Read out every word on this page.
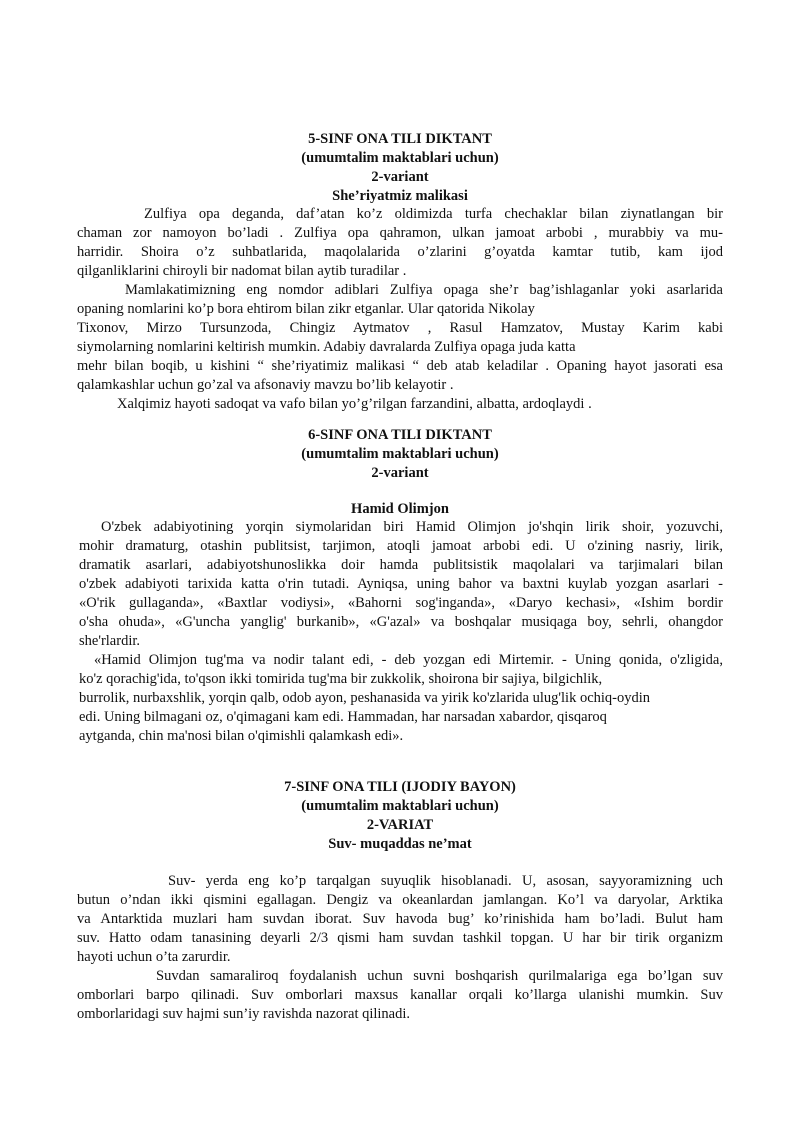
5-SINF ONA TILI DIKTANT
(umumtalim maktablari uchun)
2-variant
She’riyatmiz malikasi
Zulfiya opa deganda, daf’atan ko’z oldimizda turfa chechaklar bilan ziynatlangan bir
chaman zor namoyon bo’ladi . Zulfiya opa qahramon, ulkan jamoat arbobi , murabbiy va mu-
harridir. Shoira o’z suhbatlarida, maqolalarida o’zlarini g’oyatda kamtar tutib, kam ijod
qilganliklarini chiroyli bir nadomat bilan aytib turadilar .
Mamlakatimizning eng nomdor adiblari Zulfiya opaga she’r bag’ishlaganlar yoki asarlarida
opaning nomlarini ko’p bora ehtirom bilan zikr etganlar. Ular qatorida Nikolay
Tixonov, Mirzo Tursunzoda, Chingiz Aytmatov , Rasul Hamzatov, Mustay Karim kabi
siymolarning nomlarini keltirish mumkin. Adabiy davralarda Zulfiya opaga juda katta
mehr bilan boqib, u kishini “ she’riyatimiz malikasi “ deb atab keladilar . Opaning hayot jasorati esa
qalamkashlar uchun go’zal va afsonaviy mavzu bo’lib kelayotir .
Xalqimiz hayoti sadoqat va vafo bilan yo’g’rilgan farzandini, albatta, ardoqlaydi .
6-SINF ONA TILI DIKTANT
(umumtalim maktablari uchun)
2-variant
Hamid Olimjon
O'zbek adabiyotining yorqin siymolaridan biri Hamid Olimjon jo'shqin lirik shoir, yozuvchi,
mohir dramaturg, otashin publitsist, tarjimon, atoqli jamoat arbobi edi. U o'zining nasriy, lirik,
dramatik asarlari, adabiyotshunoslikka doir hamda publitsistik maqolalari va tarjimalari bilan
o'zbek adabiyoti tarixida katta o'rin tutadi. Ayniqsa, uning bahor va baxtni kuylab yozgan asarlari -
«O'rik gullaganda», «Baxtlar vodiysi», «Bahorni sog'inganda», «Daryo kechasi», «Ishim bordir
o'sha ohuda», «G'uncha yanglig' burkanib», «G'azal» va boshqalar musiqaga boy, sehrli, ohangdor
she'rlardir.
«Hamid Olimjon tug'ma va nodir talant edi, - deb yozgan edi Mirtemir. - Uning qonida, o'zligida,
ko'z qorachig'ida, to'qson ikki tomirida tug'ma bir zukkolik, shoirona bir sajiya, bilgichlik,
burrolik, nurbaxshlik, yorqin qalb, odob ayon, peshanasida va yirik ko'zlarida ulug'lik ochiq-oydin
edi. Uning bilmagani oz, o'qimagani kam edi. Hammadan, har narsadan xabardor, qisqaroq
aytganda, chin ma'nosi bilan o'qimishli qalamkash edi».
7-SINF ONA TILI (IJODIY BAYON)
(umumtalim maktablari uchun)
2-VARIAT
Suv- muqaddas ne’mat
Suv- yerda eng ko’p tarqalgan suyuqlik hisoblanadi. U, asosan, sayyoramizning uch
butun o’ndan ikki qismini egallagan. Dengiz va okeanlardan jamlangan. Ko’l va daryolar, Arktika
va Antarktida muzlari ham suvdan iborat. Suv havoda bug’ ko’rinishida ham bo’ladi. Bulut ham
suv. Hatto odam tanasining deyarli 2/3 qismi ham suvdan tashkil topgan. U har bir tirik organizm
hayoti uchun o’ta zarurdir.
Suvdan samaraliroq foydalanish uchun suvni boshqarish qurilmalariga ega bo’lgan suv
omborlari barpo qilinadi. Suv omborlari maxsus kanallar orqali ko’llarga ulanishi mumkin. Suv
omborlaridagi suv hajmi sun’iy ravishda nazorat qilinadi.
